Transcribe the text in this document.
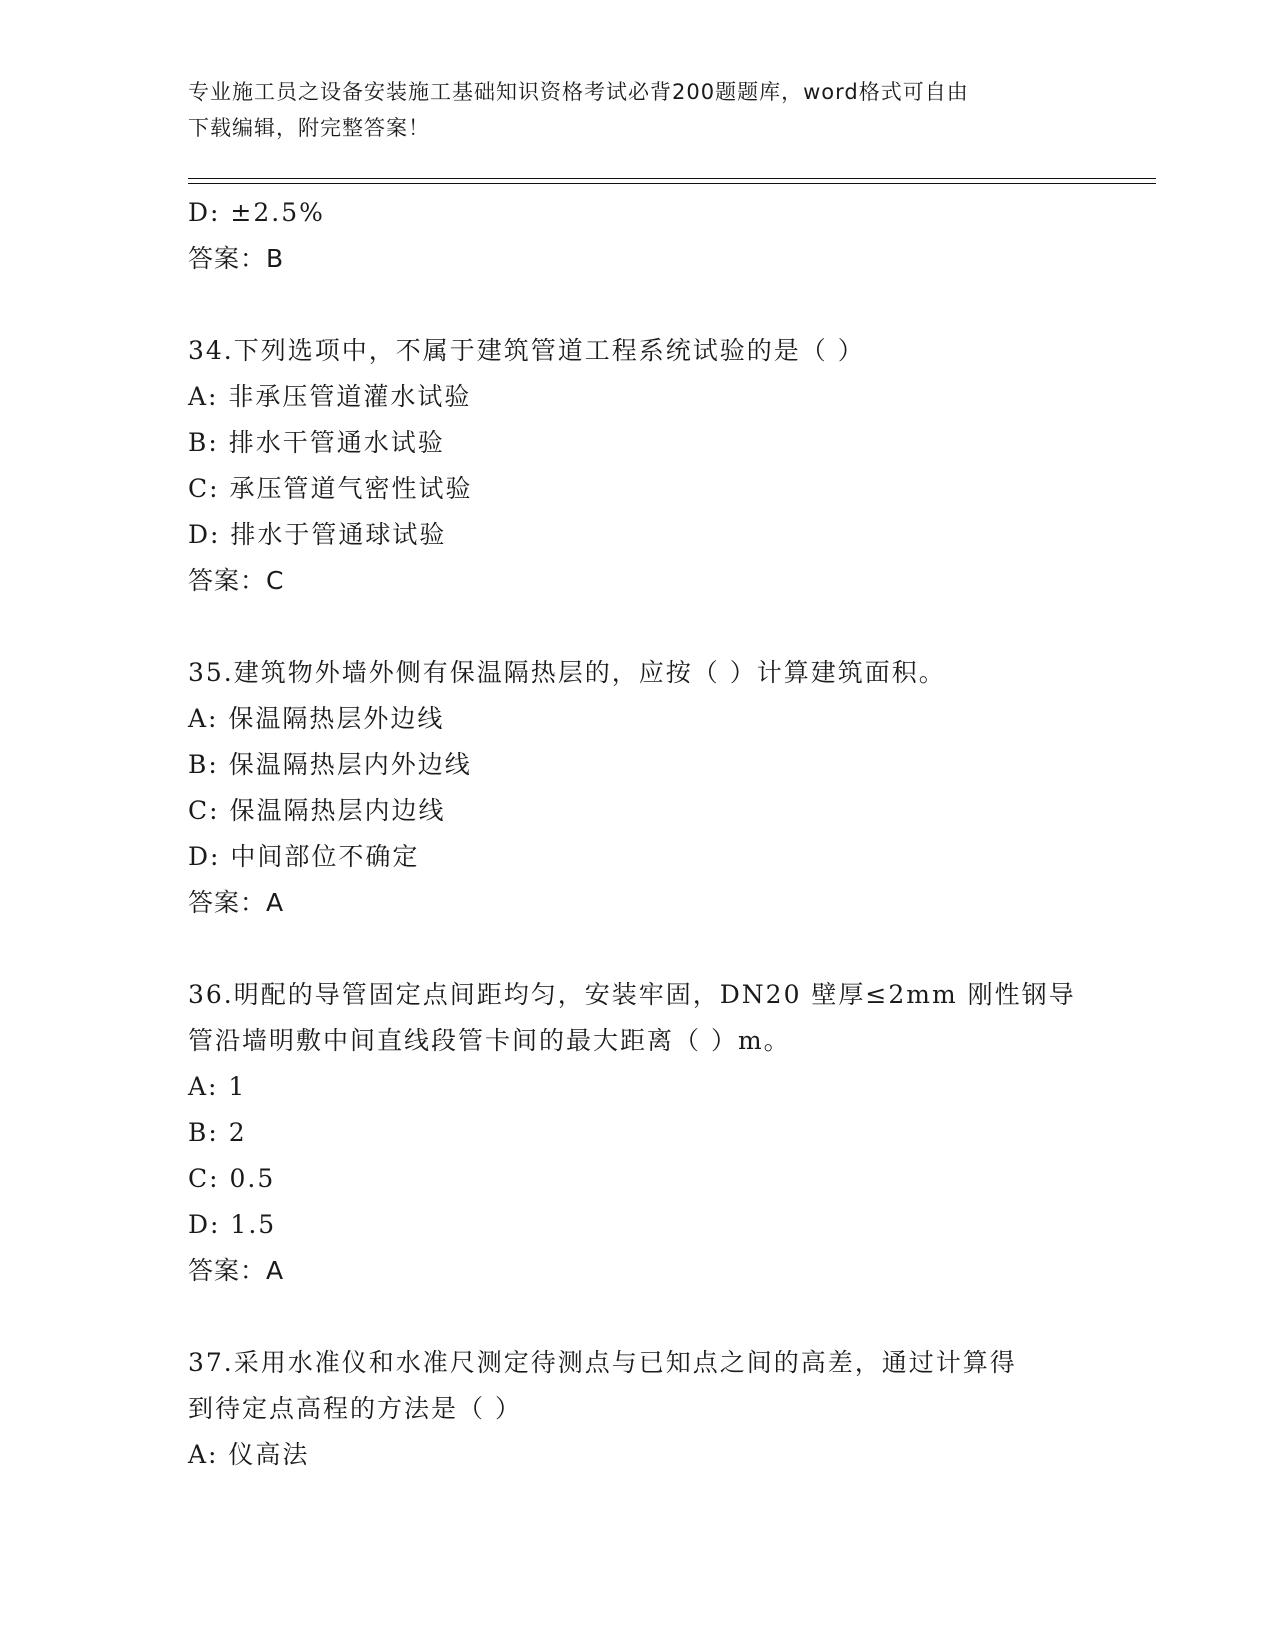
专业施工员之设备安装施工基础知识资格考试必背200题题库，word格式可自由
下载编辑，附完整答案！
D: ±2.5%
答案：B
34.下列选项中，不属于建筑管道工程系统试验的是（ ）
A: 非承压管道灌水试验
B: 排水干管通水试验
C: 承压管道气密性试验
D: 排水于管通球试验
答案：C
35.建筑物外墙外侧有保温隔热层的，应按（ ）计算建筑面积。
A: 保温隔热层外边线
B: 保温隔热层内外边线
C: 保温隔热层内边线
D: 中间部位不确定
答案：A
36.明配的导管固定点间距均匀，安装牢固，DN20 壁厚≤2mm 刚性钢导
管沿墙明敷中间直线段管卡间的最大距离（ ）m。
A: 1
B: 2
C: 0.5
D: 1.5
答案：A
37.采用水准仪和水准尺测定待测点与已知点之间的高差，通过计算得
到待定点高程的方法是（ ）
A: 仪高法
